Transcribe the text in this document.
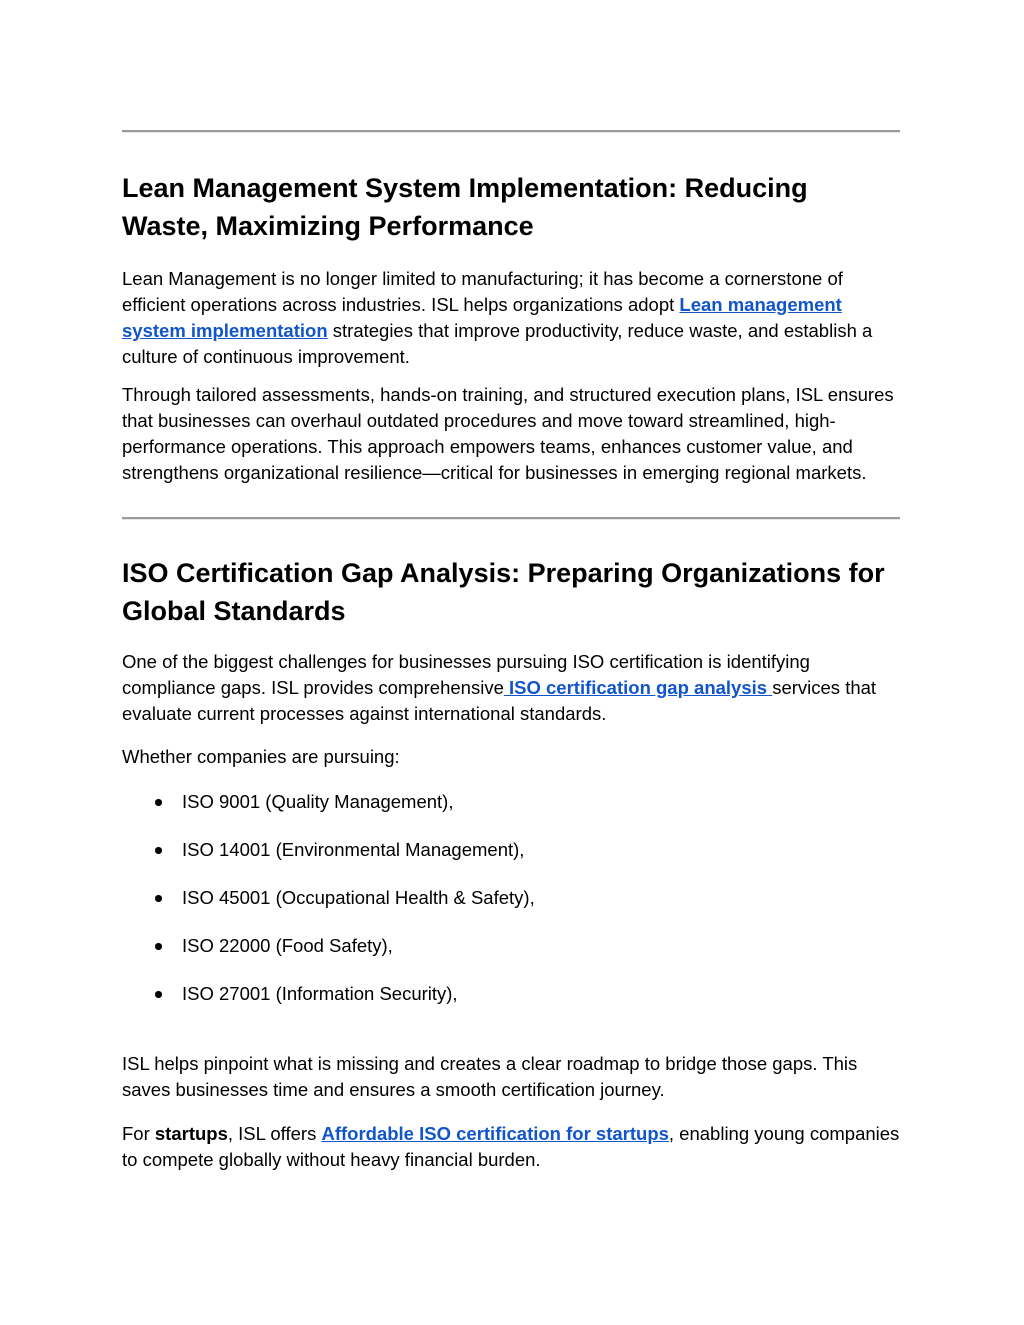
Lean Management System Implementation: Reducing Waste, Maximizing Performance

Lean Management is no longer limited to manufacturing; it has become a cornerstone of efficient operations across industries. ISL helps organizations adopt Lean management system implementation strategies that improve productivity, reduce waste, and establish a culture of continuous improvement.

Through tailored assessments, hands-on training, and structured execution plans, ISL ensures that businesses can overhaul outdated procedures and move toward streamlined, high-performance operations. This approach empowers teams, enhances customer value, and strengthens organizational resilience—critical for businesses in emerging regional markets.

ISO Certification Gap Analysis: Preparing Organizations for Global Standards

One of the biggest challenges for businesses pursuing ISO certification is identifying compliance gaps. ISL provides comprehensive ISO certification gap analysis services that evaluate current processes against international standards.

Whether companies are pursuing:

ISO 9001 (Quality Management),
ISO 14001 (Environmental Management),
ISO 45001 (Occupational Health & Safety),
ISO 22000 (Food Safety),
ISO 27001 (Information Security),

ISL helps pinpoint what is missing and creates a clear roadmap to bridge those gaps. This saves businesses time and ensures a smooth certification journey.

For startups, ISL offers Affordable ISO certification for startups, enabling young companies to compete globally without heavy financial burden.
